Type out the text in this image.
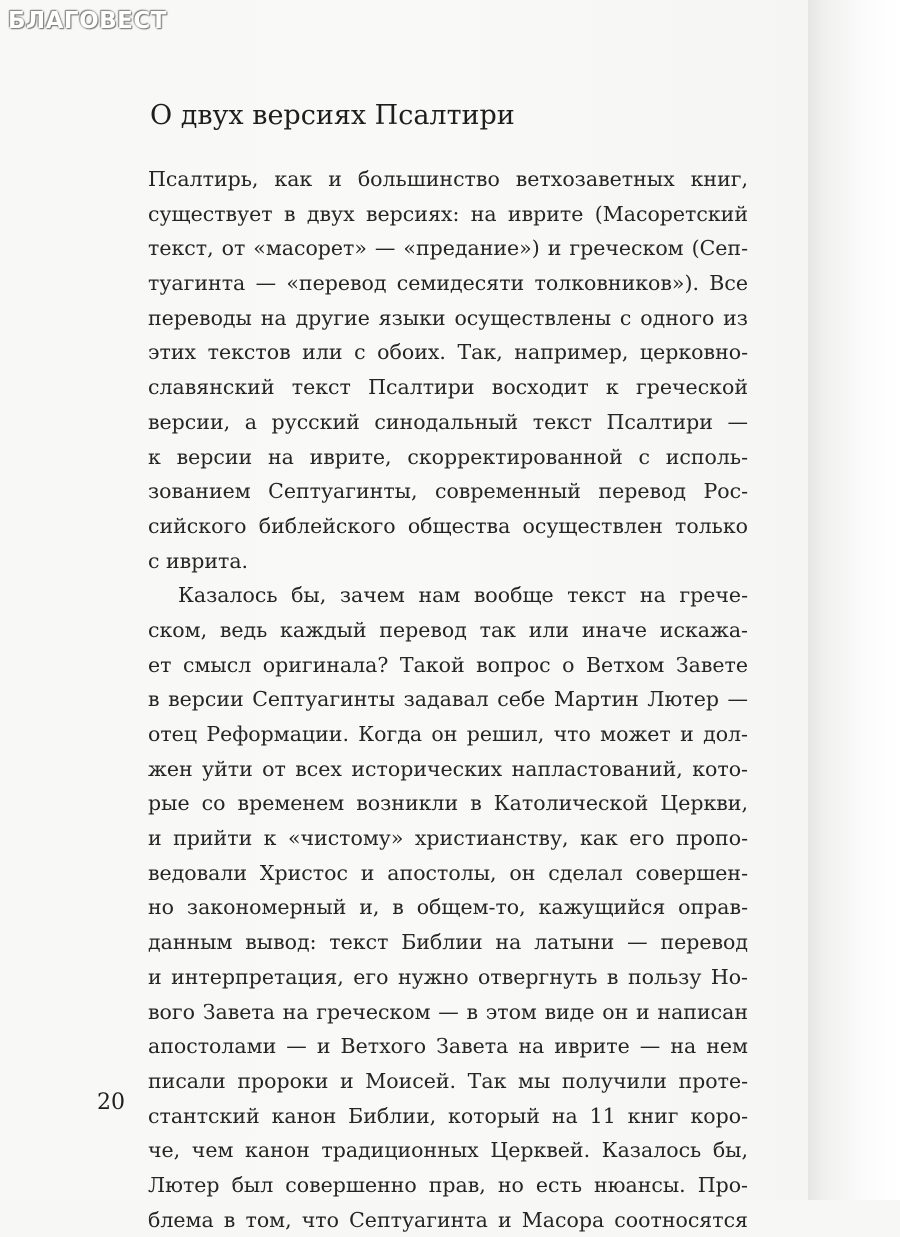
БЛАГОВЕСТ
О двух версиях Псалтири
Псалтирь, как и большинство ветхозаветных книг,
существует в двух версиях: на иврите (Масоретский
текст, от «масорет» — «предание») и греческом (Сеп-
туагинта — «перевод семидесяти толковников»). Все
переводы на другие языки осуществлены с одного из
этих текстов или с обоих. Так, например, церковно-
славянский текст Псалтири восходит к греческой
версии, а русский синодальный текст Псалтири —
к версии на иврите, скорректированной с исполь-
зованием Септуагинты, современный перевод Рос-
сийского библейского общества осуществлен только
с иврита.
Казалось бы, зачем нам вообще текст на грече-
ском, ведь каждый перевод так или иначе искажа-
ет смысл оригинала? Такой вопрос о Ветхом Завете
в версии Септуагинты задавал себе Мартин Лютер —
отец Реформации. Когда он решил, что может и дол-
жен уйти от всех исторических напластований, кото-
рые со временем возникли в Католической Церкви,
и прийти к «чистому» христианству, как его пропо-
ведовали Христос и апостолы, он сделал совершен-
но закономерный и, в общем-то, кажущийся оправ-
данным вывод: текст Библии на латыни — перевод
и интерпретация, его нужно отвергнуть в пользу Но-
вого Завета на греческом — в этом виде он и написан
апостолами — и Ветхого Завета на иврите — на нем
писали пророки и Моисей. Так мы получили проте-
стантский канон Библии, который на 11 книг коро-
че, чем канон традиционных Церквей. Казалось бы,
Лютер был совершенно прав, но есть нюансы. Про-
блема в том, что Септуагинта и Масора соотносятся
20
